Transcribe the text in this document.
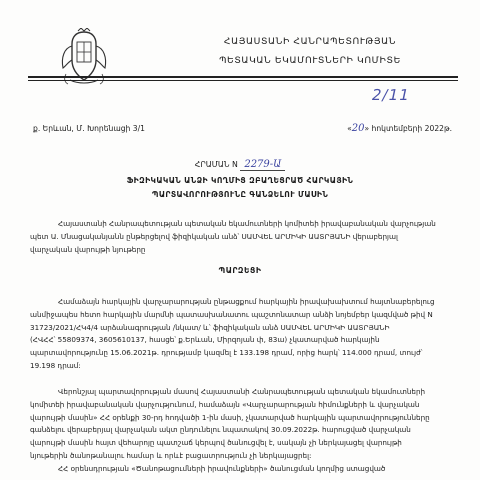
ՀԱՅԱՍՏԱՆԻ ՀԱՆՐԱՊԵՏՈՒԹՅԱՆ
ՊԵՏԱԿԱՆ ԵԿԱՄՈՒՏՆԵՐԻ ԿՈՄԻՏԵ
2/11
ք. Երևան, Մ. Խորենացի 3/1	«20» հոկտեմբերի 2022թ.
ՀՐԱՄԱՆ N 2279-Ա
ՖԻԶԻԿԱԿԱՆ ԱՆՁԻ ԿՈՂՄԻՑ ԶԲԱՂԵՑՐԱԾ ՀԱՐԿԱՅԻՆ
ՊԱՐՏԱՎՈՐՈՒԹՅՈՒՆԸ ԳԱՆՁԵԼՈՒ ՄԱՍԻՆ
Հայաստանի Հանրապետության պետական եկամուտների կոմիտեի իրավաբանական վարչության
պետ Ա. Մնացականյանն ընթերցելով ֆիզիկական անձ՝ ՍԱՄՎԵԼ ԱՐՄԻԿԻ ԱԱՏՐՅԱՆԻ վերաբերյալ
վարչական վարույթի նյութերը
ՊԱՐԶԵՑԻ
Համաձայն հարկային վարչարարության ընթացքում հարկային իրավախախտում հայտնաբերելուց
անմիջապես հետո հարկային մարմնի պատասխանատու պաշտոնատար անձի նոյեմբեր կազմված թիվ N
31723/2021/ՀԿ4/4 արձանագրության /նկատ/ և՝ ֆիզիկական անձ ՍԱՄՎԵԼ ԱՐՄԻԿԻ ԱԱՏՐՅԱՆԻ
(ՀՎՀՀ՝ 55809374, 3605610137, հասցե՝ ք.Երևան, Միրզոյան փ, 83ա) չկատարված հարկային
պարտավորությունը 15.06.2021թ. դրությամբ կազմել է 133.198 դրամ, որից հարկ՝ 114.000 դրամ, տույժ՝
19.198 դրամ:
Վերոնշյալ պարտավորության մասով Հայաստանի Հանրապետության պետական եկամուտների
կոմիտեի իրավաբանական վարչությունում, համաձայն «Վարչարարության հիմունքների և վարչական
վարույթի մասին» ՀՀ օրենքի 30-րդ հոդվածի 1-ին մասի, չկատարված հարկային պարտավորությունները
գանձելու վերաբերյալ վարչական ակտ ընդունելու նպատակով 30.09.2022թ. հարուցված վարչական
վարույթի մասին հայտ վեհարոյը պատշաճ կերպով ծանուցվել է, սակայն չի ներկայացել վարույթի
նյութերին ծանոթանալու համար և որևէ բացատրություն չի ներկայացրել:
ՀՀ օրենսդրության «Ծանոթացումների իրավունքների» ծանուցման կողմից ստացված
